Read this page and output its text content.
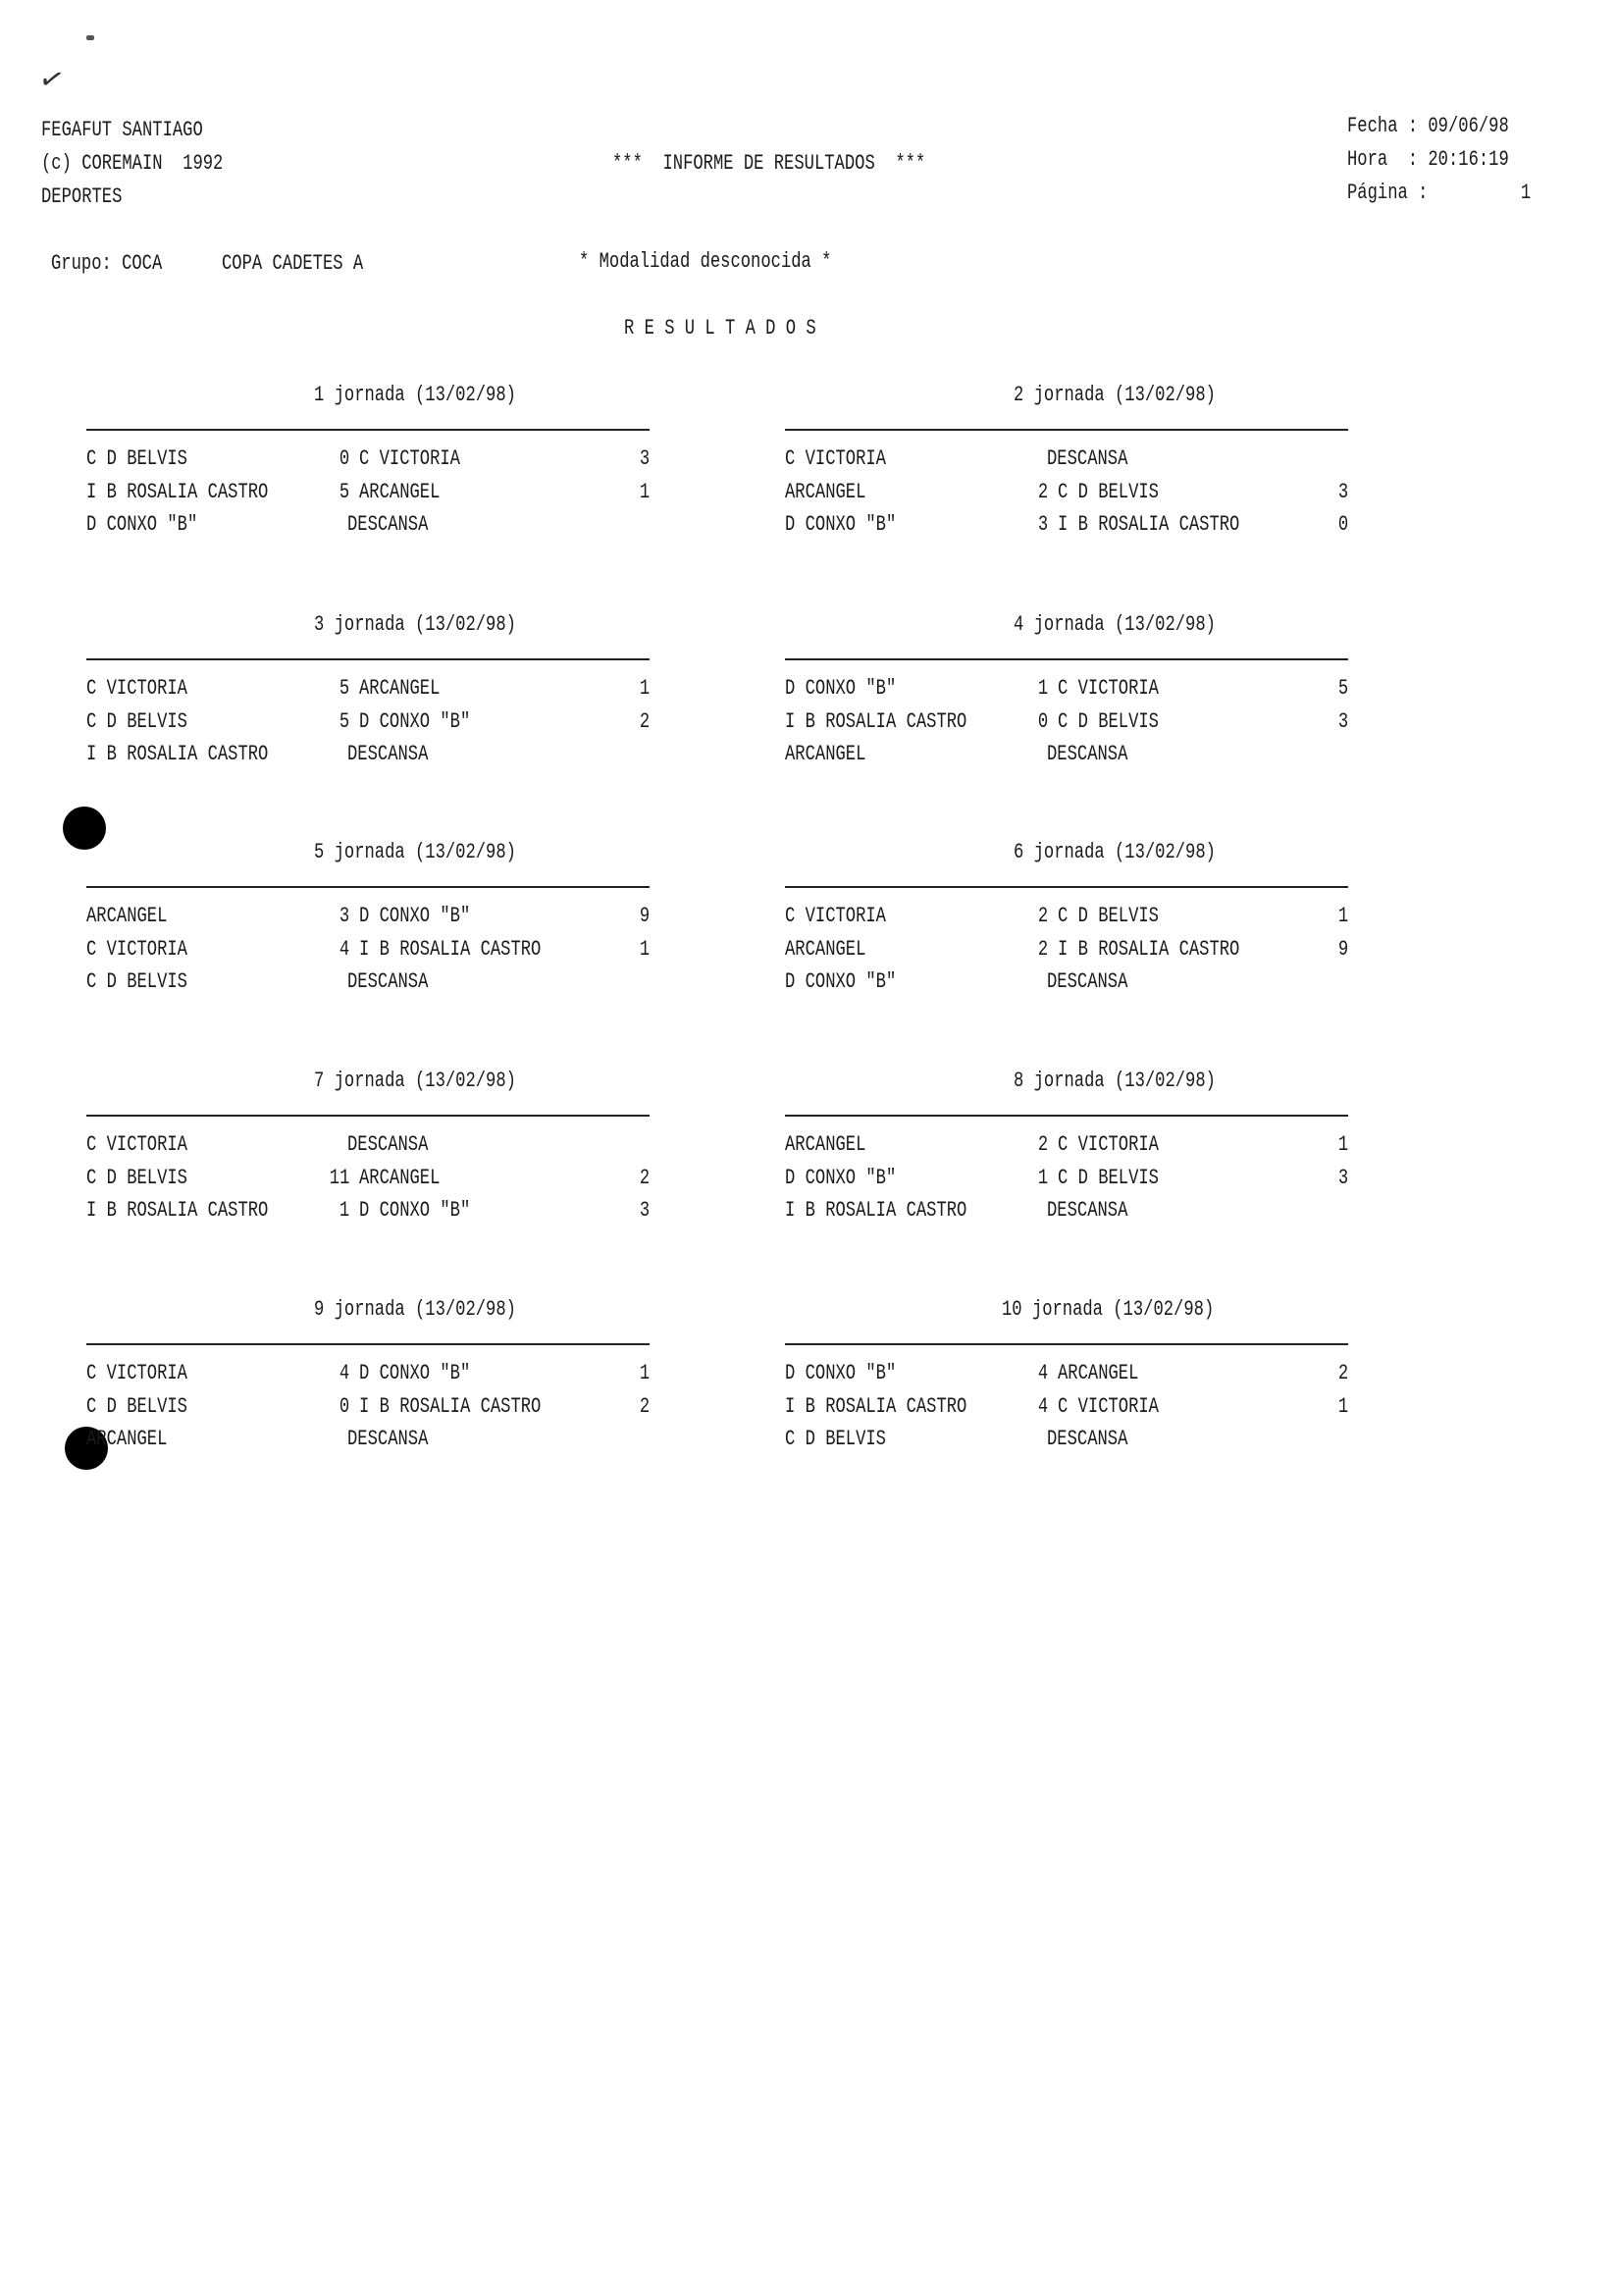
✓
FEGAFUT SANTIAGO
(c) COREMAIN  1992
DEPORTES
***  INFORME DE RESULTADOS  ***
Fecha : 09/06/98
Hora  : 20:16:19
Página :	1
Grupo: COCA	COPA CADETES A	* Modalidad desconocida *
R E S U L T A D O S
1 jornada (13/02/98)
C D BELVIS	0 C VICTORIA	3
I B ROSALIA CASTRO	5 ARCANGEL	1
D CONXO "B"	DESCANSA
2 jornada (13/02/98)
C VICTORIA	DESCANSA
ARCANGEL	2 C D BELVIS	3
D CONXO "B"	3 I B ROSALIA CASTRO	0
3 jornada (13/02/98)
C VICTORIA	5 ARCANGEL	1
C D BELVIS	5 D CONXO "B"	2
I B ROSALIA CASTRO	DESCANSA
4 jornada (13/02/98)
D CONXO "B"	1 C VICTORIA	5
I B ROSALIA CASTRO	0 C D BELVIS	3
ARCANGEL	DESCANSA
5 jornada (13/02/98)
ARCANGEL	3 D CONXO "B"	9
C VICTORIA	4 I B ROSALIA CASTRO	1
C D BELVIS	DESCANSA
6 jornada (13/02/98)
C VICTORIA	2 C D BELVIS	1
ARCANGEL	2 I B ROSALIA CASTRO	9
D CONXO "B"	DESCANSA
7 jornada (13/02/98)
C VICTORIA	DESCANSA
C D BELVIS	11 ARCANGEL	2
I B ROSALIA CASTRO	1 D CONXO "B"	3
8 jornada (13/02/98)
ARCANGEL	2 C VICTORIA	1
D CONXO "B"	1 C D BELVIS	3
I B ROSALIA CASTRO	DESCANSA
9 jornada (13/02/98)
C VICTORIA	4 D CONXO "B"	1
C D BELVIS	0 I B ROSALIA CASTRO	2
ARCANGEL	DESCANSA
10 jornada (13/02/98)
D CONXO "B"	4 ARCANGEL	2
I B ROSALIA CASTRO	4 C VICTORIA	1
C D BELVIS	DESCANSA
